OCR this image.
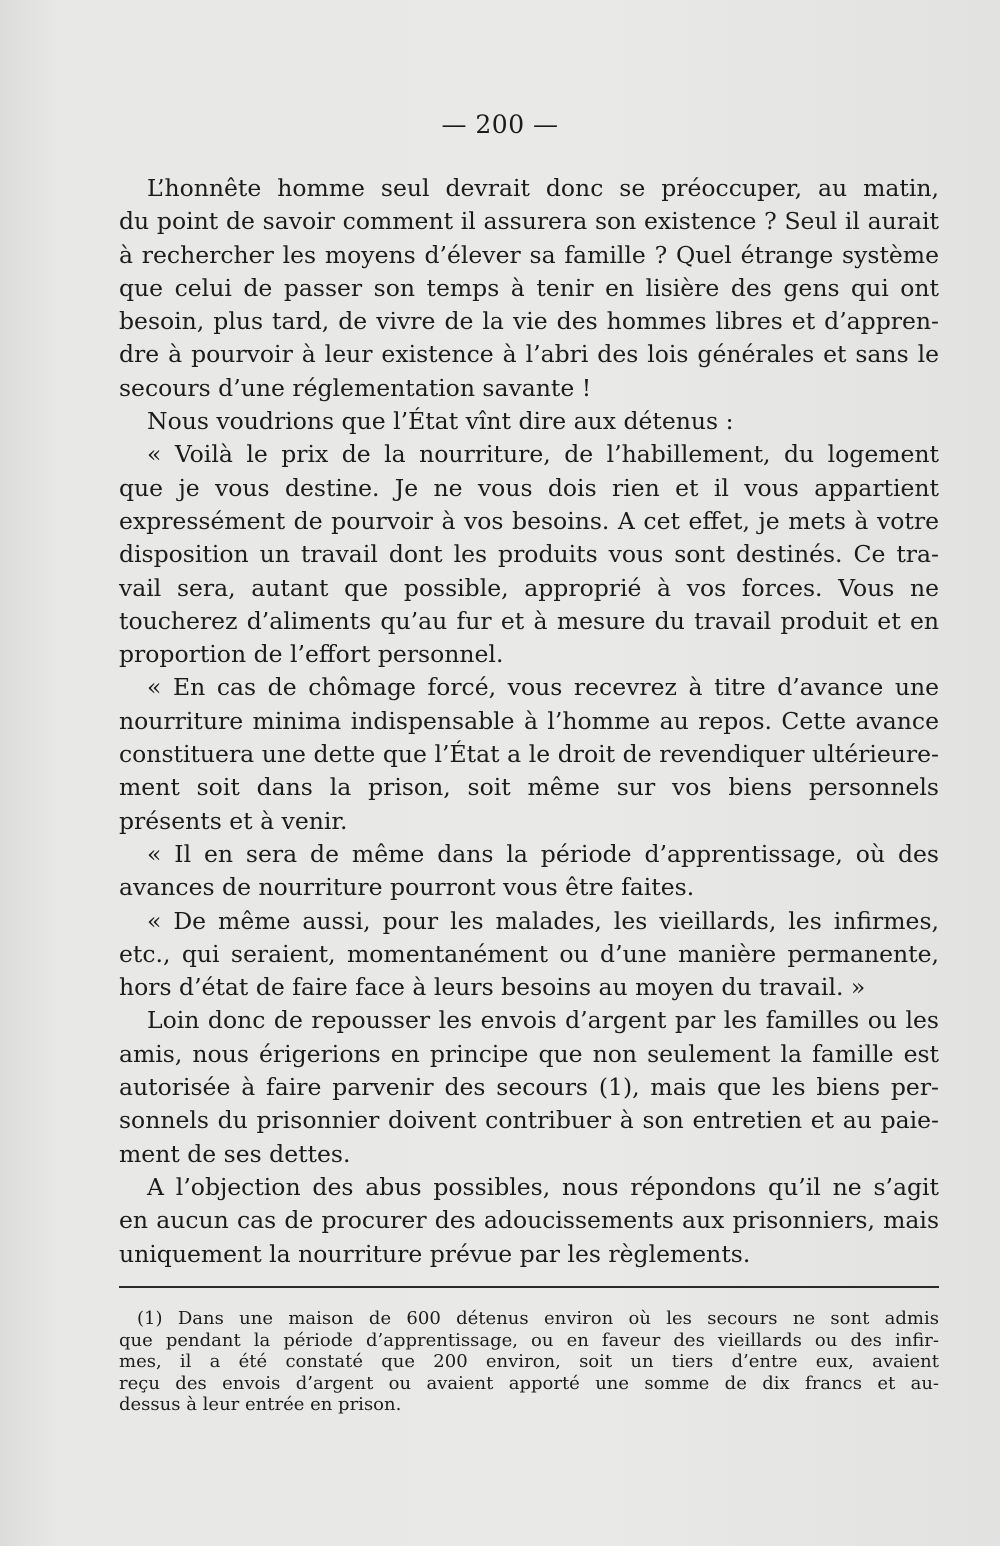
— 200 —
L’honnête homme seul devrait donc se préoccuper, au matin,
du point de savoir comment il assurera son existence ? Seul il aurait
à rechercher les moyens d’élever sa famille ? Quel étrange système
que celui de passer son temps à tenir en lisière des gens qui ont
besoin, plus tard, de vivre de la vie des hommes libres et d’appren-
dre à pourvoir à leur existence à l’abri des lois générales et sans le
secours d’une réglementation savante !
Nous voudrions que l’État vînt dire aux détenus :
« Voilà le prix de la nourriture, de l’habillement, du logement
que je vous destine. Je ne vous dois rien et il vous appartient
expressément de pourvoir à vos besoins. A cet effet, je mets à votre
disposition un travail dont les produits vous sont destinés. Ce tra-
vail sera, autant que possible, approprié à vos forces. Vous ne
toucherez d’aliments qu’au fur et à mesure du travail produit et en
proportion de l’effort personnel.
« En cas de chômage forcé, vous recevrez à titre d’avance une
nourriture minima indispensable à l’homme au repos. Cette avance
constituera une dette que l’État a le droit de revendiquer ultérieure-
ment soit dans la prison, soit même sur vos biens personnels
présents et à venir.
« Il en sera de même dans la période d’apprentissage, où des
avances de nourriture pourront vous être faites.
« De même aussi, pour les malades, les vieillards, les infirmes,
etc., qui seraient, momentanément ou d’une manière permanente,
hors d’état de faire face à leurs besoins au moyen du travail. »
Loin donc de repousser les envois d’argent par les familles ou les
amis, nous érigerions en principe que non seulement la famille est
autorisée à faire parvenir des secours (1), mais que les biens per-
sonnels du prisonnier doivent contribuer à son entretien et au paie-
ment de ses dettes.
A l’objection des abus possibles, nous répondons qu’il ne s’agit
en aucun cas de procurer des adoucissements aux prisonniers, mais
uniquement la nourriture prévue par les règlements.
(1) Dans une maison de 600 détenus environ où les secours ne sont admis
que pendant la période d’apprentissage, ou en faveur des vieillards ou des infir-
mes, il a été constaté que 200 environ, soit un tiers d’entre eux, avaient
reçu des envois d’argent ou avaient apporté une somme de dix francs et au-
dessus à leur entrée en prison.
